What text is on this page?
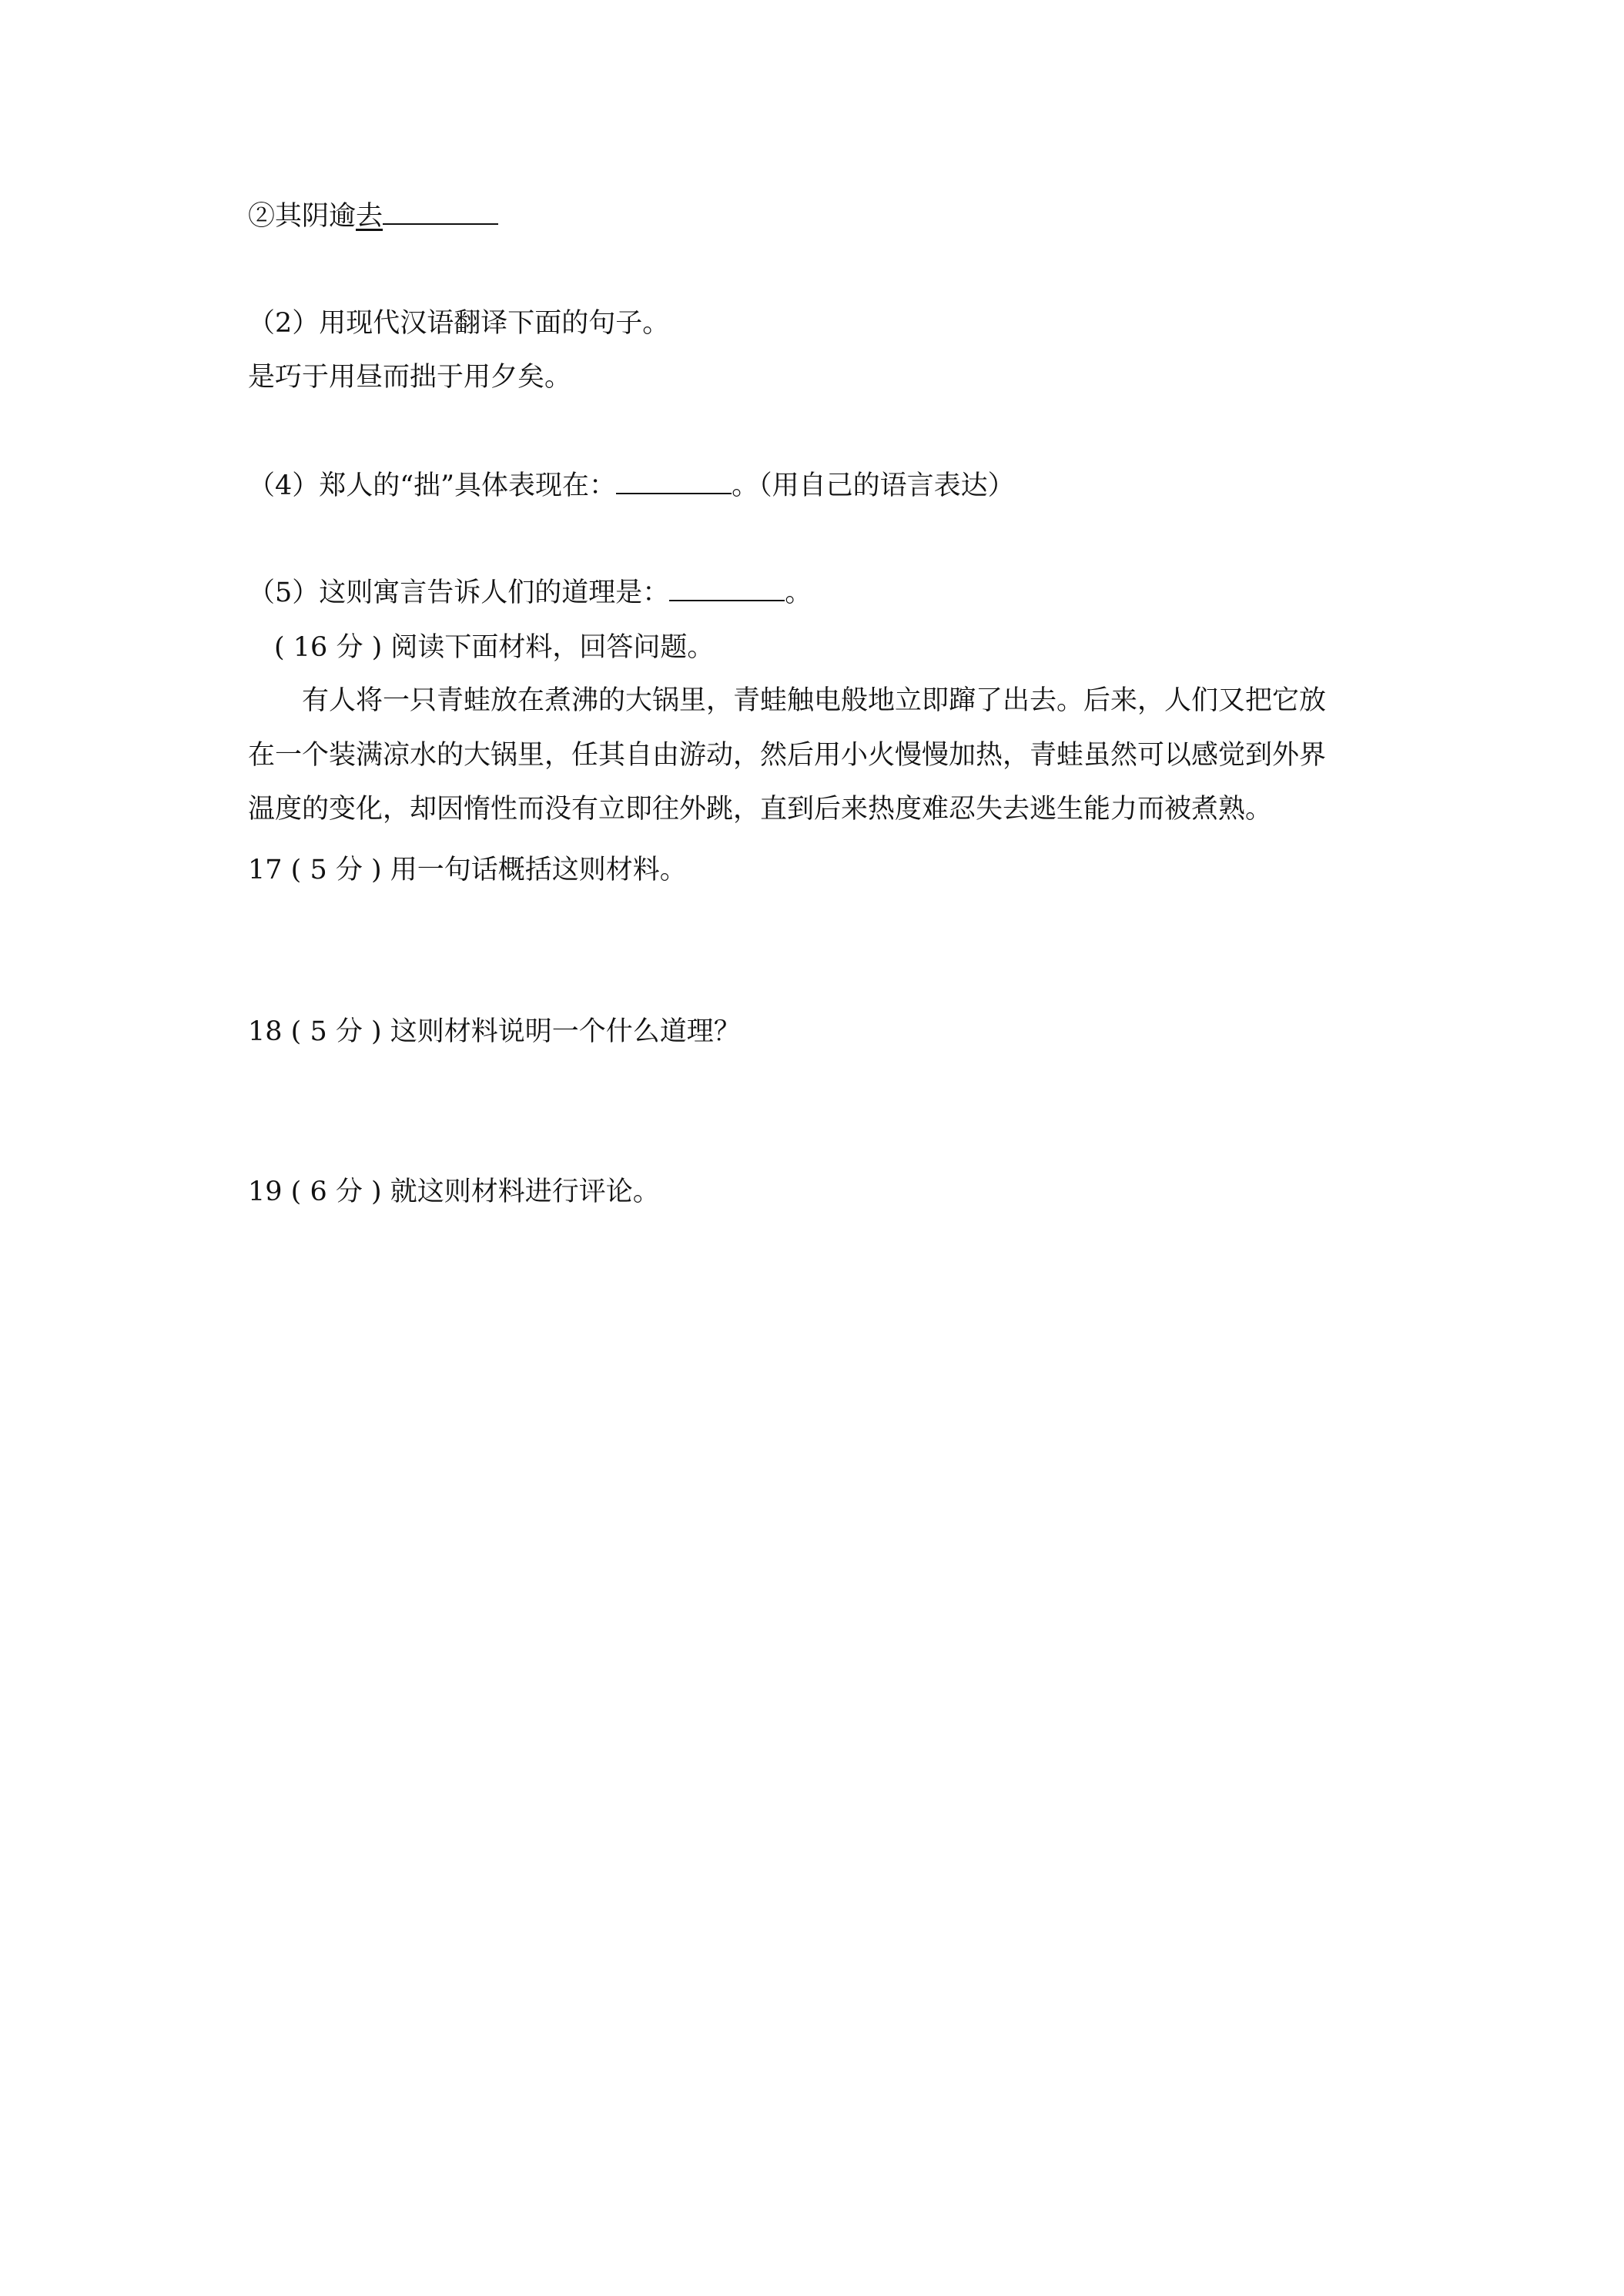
②其阴逾去
（2）用现代汉语翻译下面的句子。
是巧于用昼而拙于用夕矣。
（4）郑人的“拙”具体表现在：	。（用自己的语言表达）
（5）这则寓言告诉人们的道理是：	。
( 16 分 ) 阅读下面材料，回答问题。
有人将一只青蛙放在煮沸的大锅里，青蛙触电般地立即蹿了出去。后来，人们又把它放
在一个装满凉水的大锅里，任其自由游动，然后用小火慢慢加热，青蛙虽然可以感觉到外界
温度的变化，却因惰性而没有立即往外跳，直到后来热度难忍失去逃生能力而被煮熟。
17 ( 5 分 ) 用一句话概括这则材料。
18 ( 5 分 ) 这则材料说明一个什么道理？
19 ( 6 分 ) 就这则材料进行评论。
